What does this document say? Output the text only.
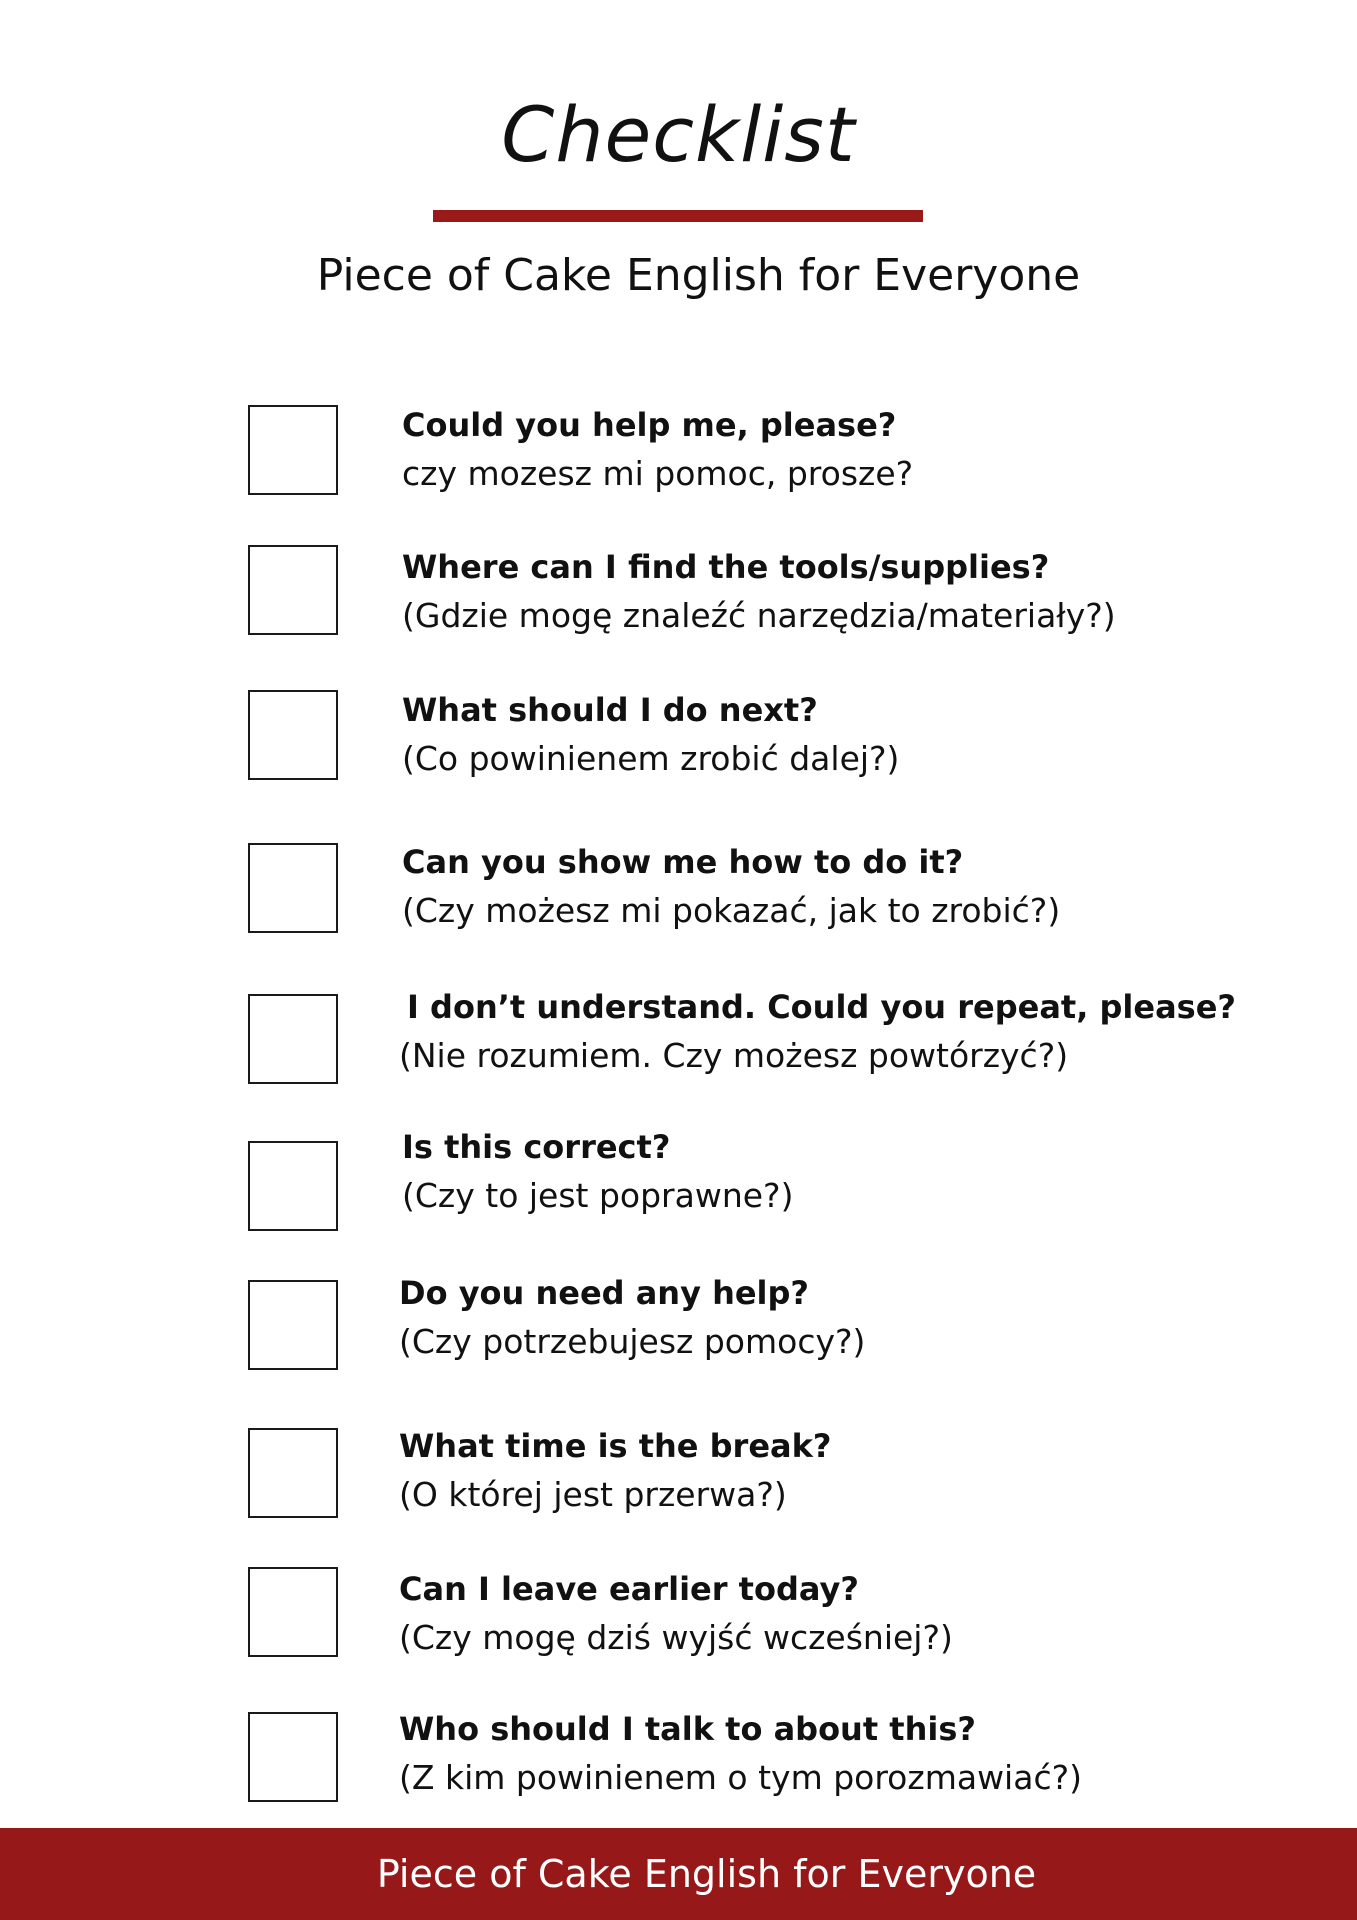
Checklist
Piece of Cake English for Everyone
Could you help me, please?
czy mozesz mi pomoc, prosze?
Where can I find the tools/supplies?
(Gdzie mogę znaleźć narzędzia/materiały?)
What should I do next?
(Co powinienem zrobić dalej?)
Can you show me how to do it?
(Czy możesz mi pokazać, jak to zrobić?)
I don’t understand. Could you repeat, please?
(Nie rozumiem. Czy możesz powtórzyć?)
Is this correct?
(Czy to jest poprawne?)
Do you need any help?
(Czy potrzebujesz pomocy?)
What time is the break?
(O której jest przerwa?)
Can I leave earlier today?
(Czy mogę dziś wyjść wcześniej?)
Who should I talk to about this?
(Z kim powinienem o tym porozmawiać?)
Piece of Cake English for Everyone
